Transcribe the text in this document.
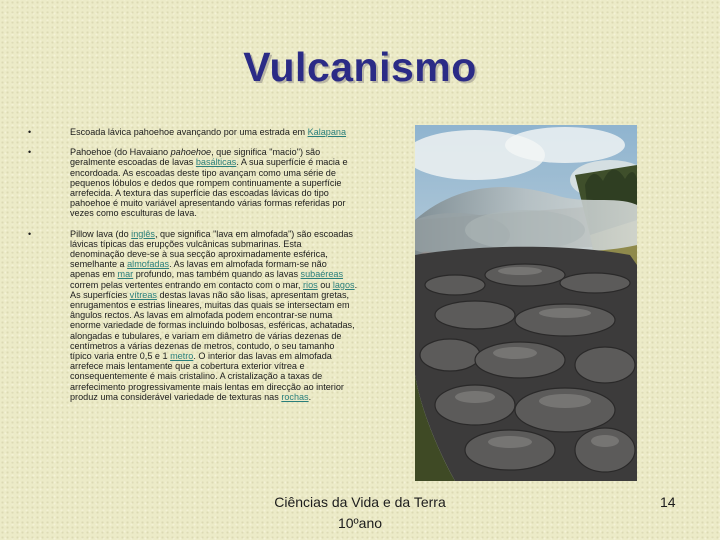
Vulcanismo
•	Escoada lávica pahoehoe avançando por uma estrada em Kalapana
•	Pahoehoe (do Havaiano pahoehoe, que significa "macio") são geralmente escoadas de lavas basálticas. A sua superfície é macia e encordoada. As escoadas deste tipo avançam como uma série de pequenos lóbulos e dedos que rompem continuamente a superfície arrefecida. A textura das superfície das escoadas lávicas do tipo pahoehoe é muito variável apresentando várias formas referidas por vezes como esculturas de lava.
•	Pillow lava (do inglês, que significa "lava em almofada") são escoadas lávicas típicas das erupções vulcânicas submarinas. Esta denominação deve-se à sua secção aproximadamente esférica, semelhante a almofadas. As lavas em almofada formam-se não apenas em mar profundo, mas também quando as lavas subaéreas correm pelas vertentes entrando em contacto com o mar, rios ou lagos. As superfícies vítreas destas lavas não são lisas, apresentam gretas, enrugamentos e estrias lineares, muitas das quais se intersectam em ângulos rectos. As lavas em almofada podem encontrar-se numa enorme variedade de formas incluindo bolbosas, esféricas, achatadas, alongadas e tubulares, e variam em diâmetro de várias dezenas de centímetros a várias dezenas de metros, contudo, o seu tamanho típico varia entre 0,5 e 1 metro. O interior das lavas em almofada arrefece mais lentamente que a cobertura exterior vítrea e consequentemente é mais cristalino. A cristalização a taxas de arrefecimento progressivamente mais lentas em direcção ao interior produz uma considerável variedade de texturas nas rochas.
Ciências da Vida e da Terra
10ºano
14
